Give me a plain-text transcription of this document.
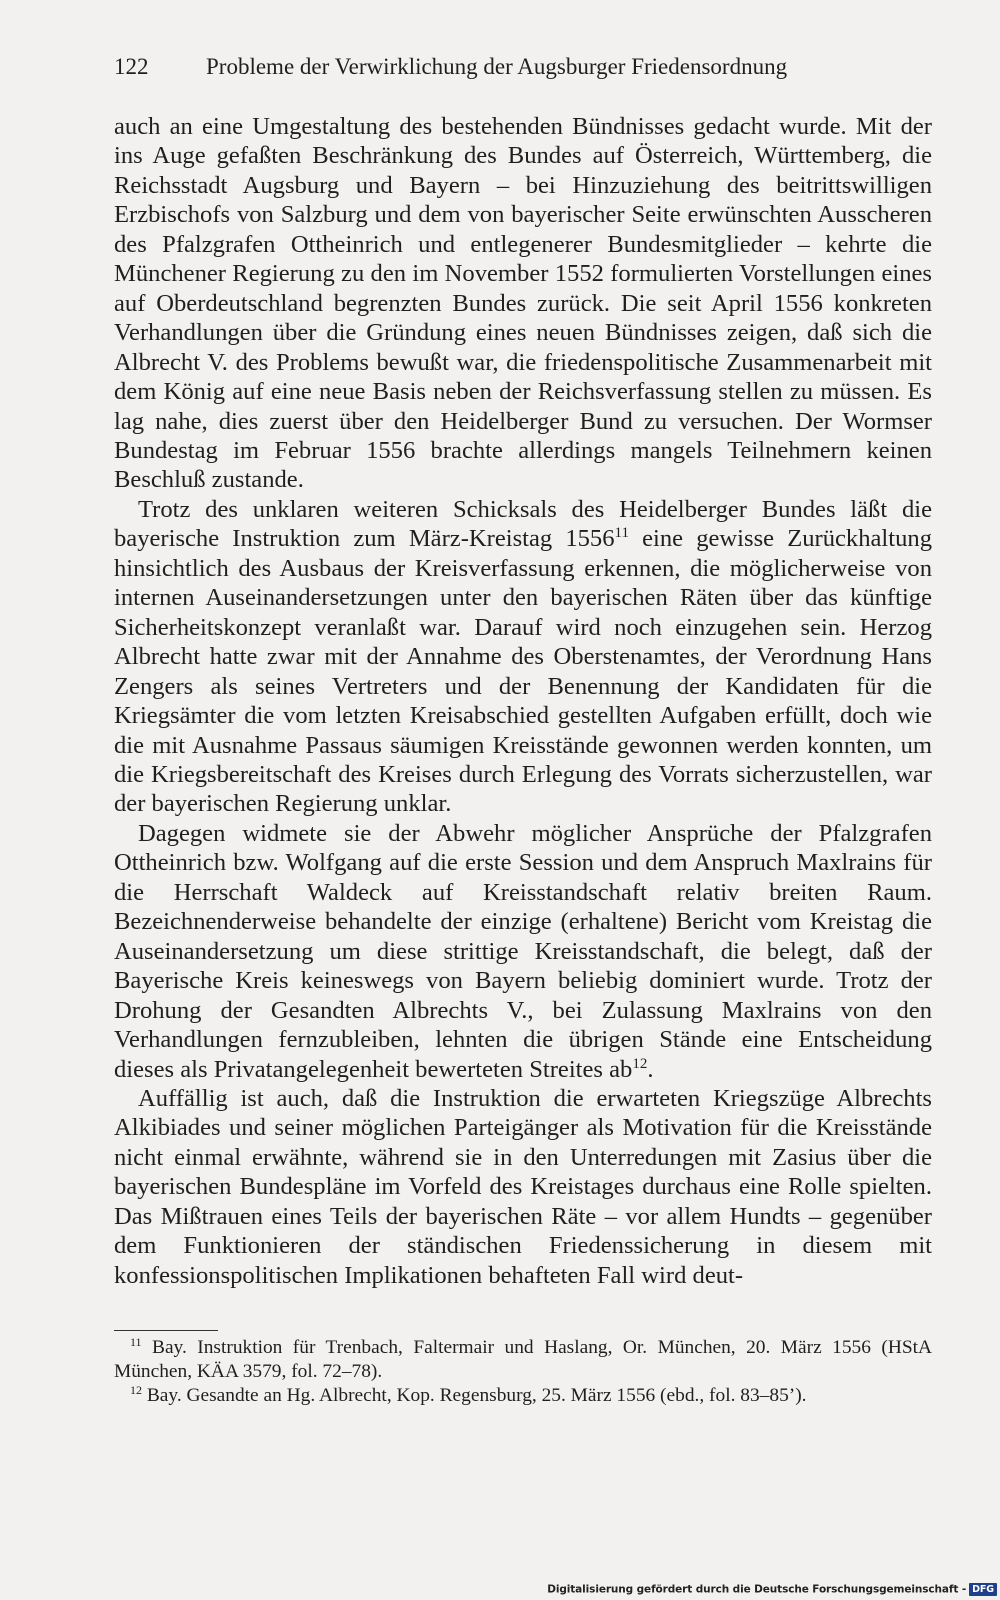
122	Probleme der Verwirklichung der Augsburger Friedensordnung

auch an eine Umgestaltung des bestehenden Bündnisses gedacht wurde. Mit der ins Auge gefaßten Beschränkung des Bundes auf Österreich, Württemberg, die Reichsstadt Augsburg und Bayern – bei Hinzuziehung des beitrittswilligen Erzbischofs von Salzburg und dem von bayerischer Seite erwünschten Ausscheren des Pfalzgrafen Ottheinrich und entlegenerer Bundesmitglieder – kehrte die Münchener Regierung zu den im November 1552 formulierten Vorstellungen eines auf Oberdeutschland begrenzten Bundes zurück. Die seit April 1556 konkreten Verhandlungen über die Gründung eines neuen Bündnisses zeigen, daß sich die Albrecht V. des Problems bewußt war, die friedenspolitische Zusammenarbeit mit dem König auf eine neue Basis neben der Reichsverfassung stellen zu müssen. Es lag nahe, dies zuerst über den Heidelberger Bund zu versuchen. Der Wormser Bundestag im Februar 1556 brachte allerdings mangels Teilnehmern keinen Beschluß zustande.

Trotz des unklaren weiteren Schicksals des Heidelberger Bundes läßt die bayerische Instruktion zum März-Kreistag 1556$^{11}$ eine gewisse Zurückhaltung hinsichtlich des Ausbaus der Kreisverfassung erkennen, die möglicherweise von internen Auseinandersetzungen unter den bayerischen Räten über das künftige Sicherheitskonzept veranlaßt war. Darauf wird noch einzugehen sein. Herzog Albrecht hatte zwar mit der Annahme des Oberstenamtes, der Verordnung Hans Zengers als seines Vertreters und der Benennung der Kandidaten für die Kriegsämter die vom letzten Kreisabschied gestellten Aufgaben erfüllt, doch wie die mit Ausnahme Passaus säumigen Kreisstände gewonnen werden konnten, um die Kriegsbereitschaft des Kreises durch Erlegung des Vorrats sicherzustellen, war der bayerischen Regierung unklar.

Dagegen widmete sie der Abwehr möglicher Ansprüche der Pfalzgrafen Ottheinrich bzw. Wolfgang auf die erste Session und dem Anspruch Maxlrains für die Herrschaft Waldeck auf Kreisstandschaft relativ breiten Raum. Bezeichnenderweise behandelte der einzige (erhaltene) Bericht vom Kreistag die Auseinandersetzung um diese strittige Kreisstandschaft, die belegt, daß der Bayerische Kreis keineswegs von Bayern beliebig dominiert wurde. Trotz der Drohung der Gesandten Albrechts V., bei Zulassung Maxlrains von den Verhandlungen fernzubleiben, lehnten die übrigen Stände eine Entscheidung dieses als Privatangelegenheit bewerteten Streites $ab^{12}$.

Auffällig ist auch, daß die Instruktion die erwarteten Kriegszüge Albrechts Alkibiades und seiner möglichen Parteigänger als Motivation für die Kreisstände nicht einmal erwähnte, während sie in den Unterredungen mit Zasius über die bayerischen Bundespläne im Vorfeld des Kreistages durchaus eine Rolle spielten. Das Mißtrauen eines Teils der bayerischen Räte – vor allem Hundts – gegenüber dem Funktionieren der ständischen Friedenssicherung in diesem mit konfessionspolitischen Implikationen behafteten Fall wird deut-

$^{11}$ Bay. Instruktion für Trenbach, Faltermair und Haslang, Or. München, 20. März 1556 (HStA München, KÄA 3579, fol. 72–78).

$^{12}$ Bay. Gesandte an Hg. Albrecht, Kop. Regensburg, 25. März 1556 (ebd., fol. 83–85’).

Digitalisierung gefördert durch die Deutsche Forschungsgemeinschaft - DFG
